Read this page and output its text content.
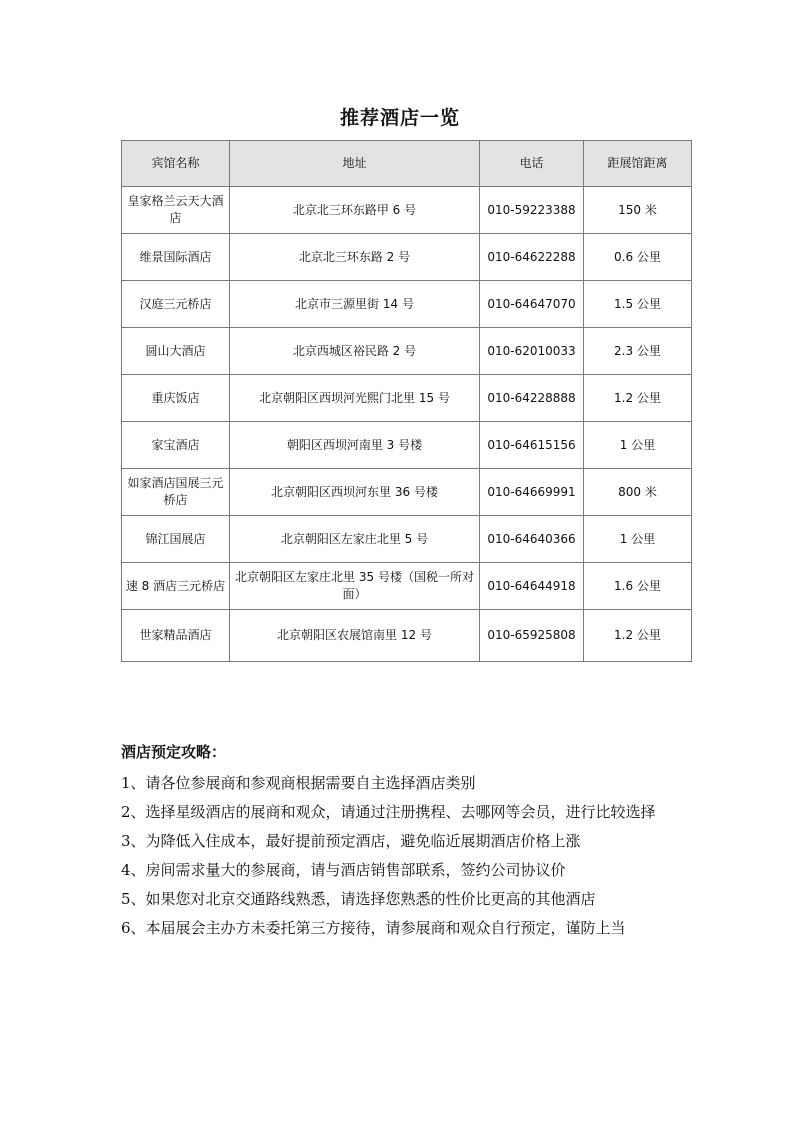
推荐酒店一览
宾馆名称	地址	电话	距展馆距离
皇家格兰云天大酒店	北京北三环东路甲 6 号	010-59223388	150 米
维景国际酒店	北京北三环东路 2 号	010-64622288	0.6 公里
汉庭三元桥店	北京市三源里街 14 号	010-64647070	1.5 公里
圆山大酒店	北京西城区裕民路 2 号	010-62010033	2.3 公里
重庆饭店	北京朝阳区西坝河光熙门北里 15 号	010-64228888	1.2 公里
家宝酒店	朝阳区西坝河南里 3 号楼	010-64615156	1 公里
如家酒店国展三元桥店	北京朝阳区西坝河东里 36 号楼	010-64669991	800 米
锦江国展店	北京朝阳区左家庄北里 5 号	010-64640366	1 公里
速 8 酒店三元桥店	北京朝阳区左家庄北里 35 号楼（国税一所对面）	010-64644918	1.6 公里
世家精品酒店	北京朝阳区农展馆南里 12 号	010-65925808	1.2 公里

酒店预定攻略：

1、请各位参展商和参观商根据需要自主选择酒店类别

2、选择星级酒店的展商和观众，请通过注册携程、去哪网等会员，进行比较选择

3、为降低入住成本，最好提前预定酒店，避免临近展期酒店价格上涨

4、房间需求量大的参展商，请与酒店销售部联系，签约公司协议价

5、如果您对北京交通路线熟悉，请选择您熟悉的性价比更高的其他酒店

6、本届展会主办方未委托第三方接待，请参展商和观众自行预定，谨防上当
